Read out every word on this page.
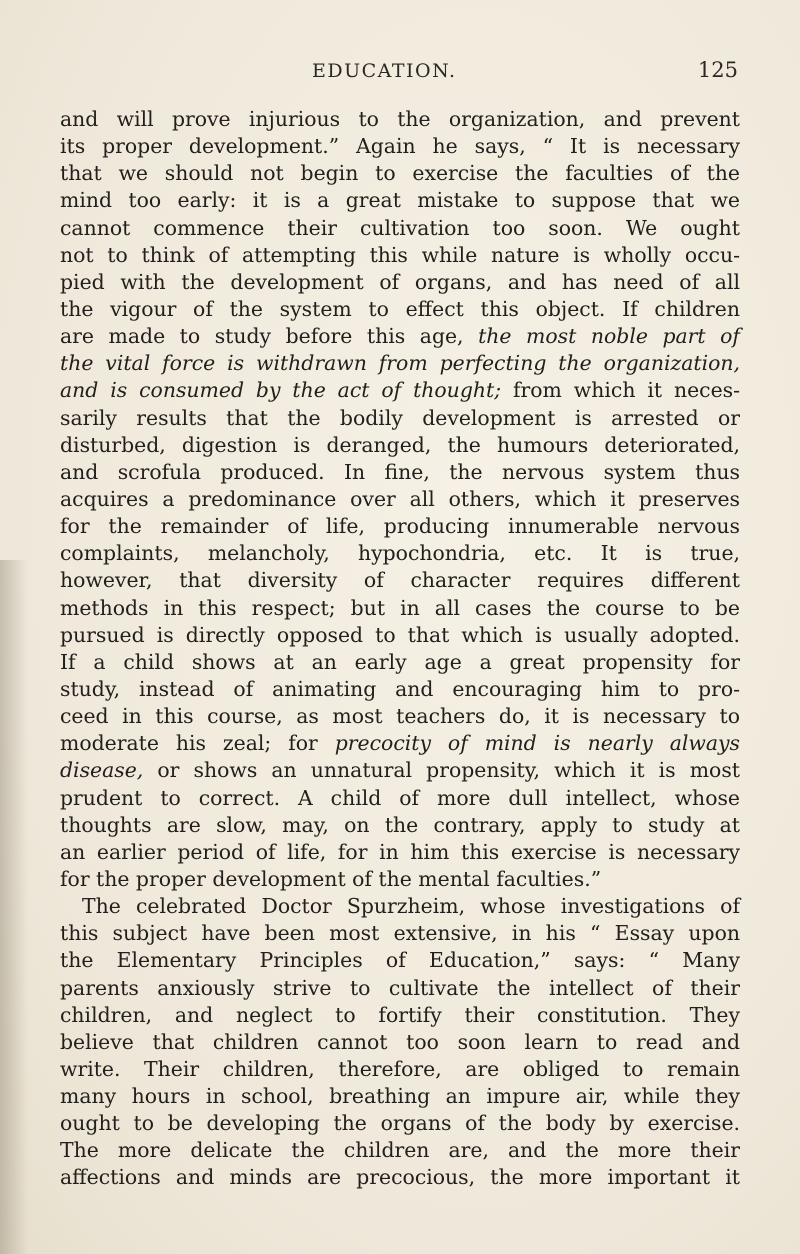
EDUCATION.	125
and will prove injurious to the organization, and prevent
its proper development.” Again he says, “ It is necessary
that we should not begin to exercise the faculties of the
mind too early: it is a great mistake to suppose that we
cannot commence their cultivation too soon. We ought
not to think of attempting this while nature is wholly occu-
pied with the development of organs, and has need of all
the vigour of the system to effect this object. If children
are made to study before this age, the most noble part of
the vital force is withdrawn from perfecting the organization,
and is consumed by the act of thought; from which it neces-
sarily results that the bodily development is arrested or
disturbed, digestion is deranged, the humours deteriorated,
and scrofula produced. In fine, the nervous system thus
acquires a predominance over all others, which it preserves
for the remainder of life, producing innumerable nervous
complaints, melancholy, hypochondria, etc. It is true,
however, that diversity of character requires different
methods in this respect; but in all cases the course to be
pursued is directly opposed to that which is usually adopted.
If a child shows at an early age a great propensity for
study, instead of animating and encouraging him to pro-
ceed in this course, as most teachers do, it is necessary to
moderate his zeal; for precocity of mind is nearly always
disease, or shows an unnatural propensity, which it is most
prudent to correct. A child of more dull intellect, whose
thoughts are slow, may, on the contrary, apply to study at
an earlier period of life, for in him this exercise is necessary
for the proper development of the mental faculties.”
The celebrated Doctor Spurzheim, whose investigations of
this subject have been most extensive, in his “ Essay upon
the Elementary Principles of Education,” says: “ Many
parents anxiously strive to cultivate the intellect of their
children, and neglect to fortify their constitution. They
believe that children cannot too soon learn to read and
write. Their children, therefore, are obliged to remain
many hours in school, breathing an impure air, while they
ought to be developing the organs of the body by exercise.
The more delicate the children are, and the more their
affections and minds are precocious, the more important it
